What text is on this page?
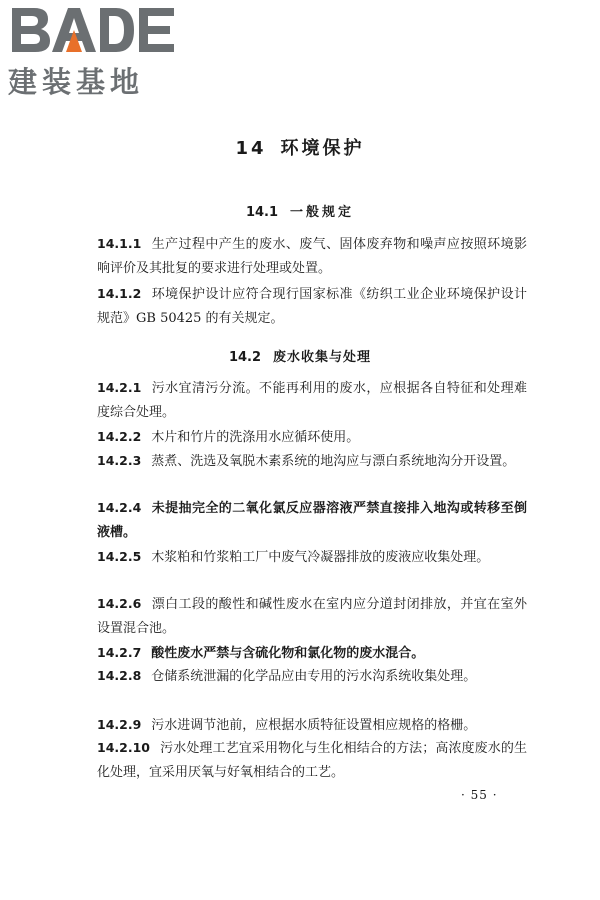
建装基地
14 环境保护
14.1 一般规定
14.1.1 生产过程中产生的废水、废气、固体废弃物和噪声应按照环境影响评价及其批复的要求进行处理或处置。
14.1.2 环境保护设计应符合现行国家标准《纺织工业企业环境保护设计规范》GB 50425 的有关规定。
14.2 废水收集与处理
14.2.1 污水宜清污分流。不能再利用的废水，应根据各自特征和处理难度综合处理。
14.2.2 木片和竹片的洗涤用水应循环使用。
14.2.3 蒸煮、洗选及氧脱木素系统的地沟应与漂白系统地沟分开设置。
14.2.4 未提抽完全的二氧化氯反应器溶液严禁直接排入地沟或转移至倒液槽。
14.2.5 木浆粕和竹浆粕工厂中废气冷凝器排放的废液应收集处理。
14.2.6 漂白工段的酸性和碱性废水在室内应分道封闭排放，并宜在室外设置混合池。
14.2.7 酸性废水严禁与含硫化物和氯化物的废水混合。
14.2.8 仓储系统泄漏的化学品应由专用的污水沟系统收集处理。
14.2.9 污水进调节池前，应根据水质特征设置相应规格的格栅。
14.2.10 污水处理工艺宜采用物化与生化相结合的方法；高浓度废水的生化处理，宜采用厌氧与好氧相结合的工艺。
· 55 ·
